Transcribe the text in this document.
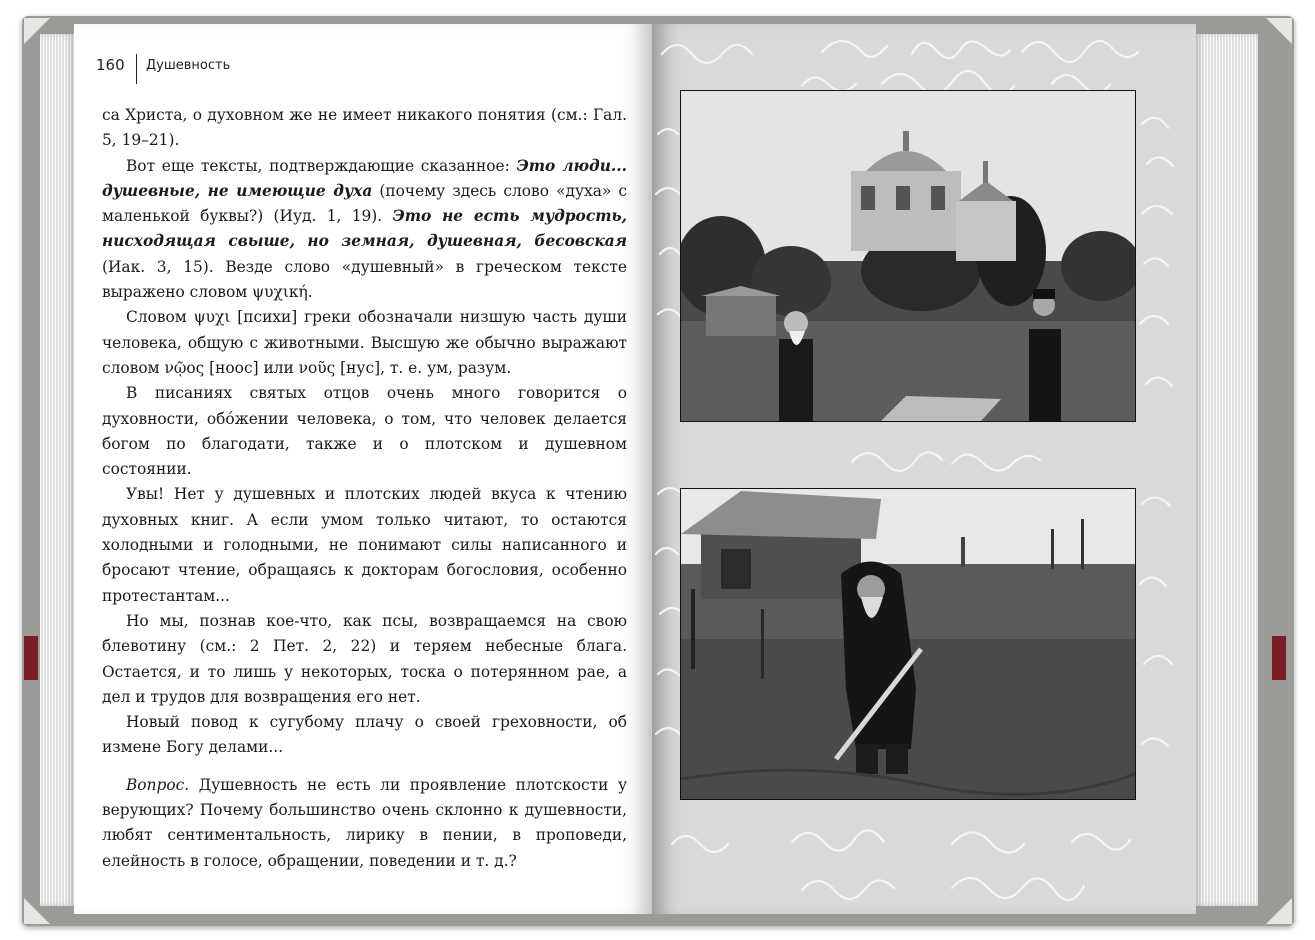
160 Душевность

са Христа, о духовном же не имеет никакого понятия (см.: Гал. 5, 19–21).

Вот еще тексты, подтверждающие сказанное: Это люди... душевные, не имеющие духа (почему здесь слово «духа» с маленькой буквы?) (Иуд. 1, 19). Это не есть мудрость, нисходящая свыше, но земная, душевная, бесовская (Иак. 3, 15). Везде слово «душевный» в греческом тексте выражено словом ψυχική.

Словом ψυχι [психи] греки обозначали низшую часть души человека, общую с животными. Высшую же обычно выражают словом νῷος [ноос] или νοῦς [нус], т. е. ум, разум.

В писаниях святых отцов очень много говорится о духовности, обóжении человека, о том, что человек делается богом по благодати, также и о плотском и душевном состоянии.

Увы! Нет у душевных и плотских людей вкуса к чтению духовных книг. А если умом только читают, то остаются холодными и голодными, не понимают силы написанного и бросают чтение, обращаясь к докторам богословия, особенно протестантам...

Но мы, познав кое-что, как псы, возвращаемся на свою блевотину (см.: 2 Пет. 2, 22) и теряем небесные блага. Остается, и то лишь у некоторых, тоска о потерянном рае, а дел и трудов для возвращения его нет.

Новый повод к сугубому плачу о своей греховности, об измене Богу делами...

Вопрос. Душевность не есть ли проявление плотскости у верующих? Почему большинство очень склонно к душевности, любят сентиментальность, лирику в пении, в проповеди, елейность в голосе, обращении, поведении и т. д.?
